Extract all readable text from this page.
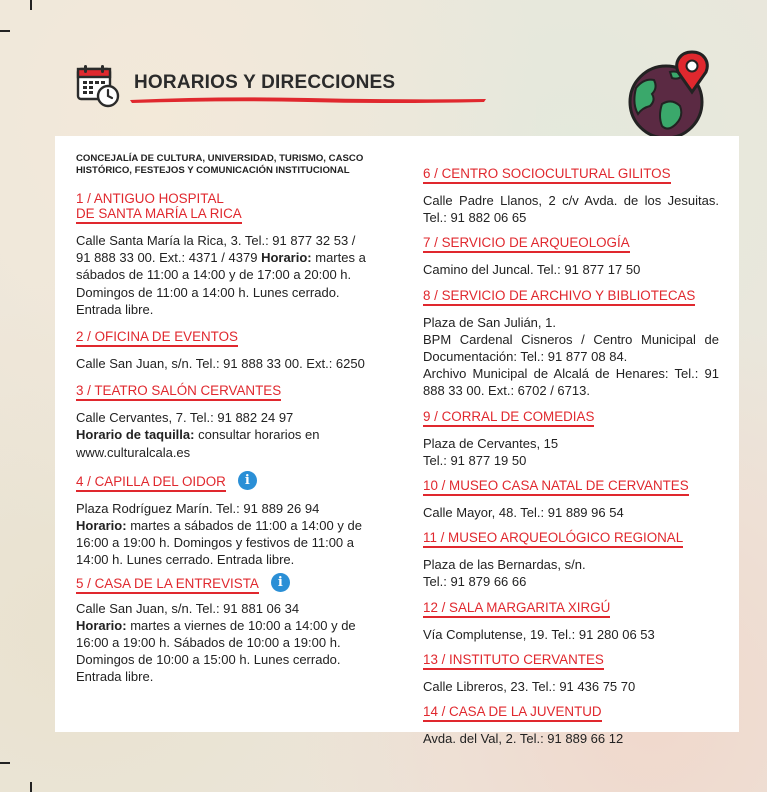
HORARIOS Y DIRECCIONES
CONCEJALÍA DE CULTURA, UNIVERSIDAD, TURISMO, CASCO HISTÓRICO, FESTEJOS Y COMUNICACIÓN INSTITUCIONAL
1 / ANTIGUO HOSPITAL
DE SANTA MARÍA LA RICA
Calle Santa María la Rica, 3. Tel.: 91 877 32 53 / 91 888 33 00. Ext.: 4371 / 4379 Horario: martes a sábados de 11:00 a 14:00 y de 17:00 a 20:00 h. Domingos de 11:00 a 14:00 h. Lunes cerrado. Entrada libre.
2 / OFICINA DE EVENTOS
Calle San Juan, s/n. Tel.: 91 888 33 00. Ext.: 6250
3 / TEATRO SALÓN CERVANTES
Calle Cervantes, 7. Tel.: 91 882 24 97
Horario de taquilla: consultar horarios en www.culturalcala.es
4 / CAPILLA DEL OIDOR i
Plaza Rodríguez Marín. Tel.: 91 889 26 94
Horario: martes a sábados de 11:00 a 14:00 y de 16:00 a 19:00 h. Domingos y festivos de 11:00 a 14:00 h. Lunes cerrado. Entrada libre.
5 / CASA DE LA ENTREVISTA i
Calle San Juan, s/n. Tel.: 91 881 06 34
Horario: martes a viernes de 10:00 a 14:00 y de 16:00 a 19:00 h. Sábados de 10:00 a 19:00 h. Domingos de 10:00 a 15:00 h. Lunes cerrado. Entrada libre.
6 / CENTRO SOCIOCULTURAL GILITOS
Calle Padre Llanos, 2 c/v Avda. de los Jesuitas. Tel.: 91 882 06 65
7 / SERVICIO DE ARQUEOLOGÍA
Camino del Juncal. Tel.: 91 877 17 50
8 / SERVICIO DE ARCHIVO Y BIBLIOTECAS
Plaza de San Julián, 1.
BPM Cardenal Cisneros / Centro Municipal de Documentación: Tel.: 91 877 08 84.
Archivo Municipal de Alcalá de Henares: Tel.: 91 888 33 00. Ext.: 6702 / 6713.
9 / CORRAL DE COMEDIAS
Plaza de Cervantes, 15
Tel.: 91 877 19 50
10 / MUSEO CASA NATAL DE CERVANTES
Calle Mayor, 48. Tel.: 91 889 96 54
11 / MUSEO ARQUEOLÓGICO REGIONAL
Plaza de las Bernardas, s/n.
Tel.: 91 879 66 66
12 / SALA MARGARITA XIRGÚ
Vía Complutense, 19. Tel.: 91 280 06 53
13 / INSTITUTO CERVANTES
Calle Libreros, 23. Tel.: 91 436 75 70
14 / CASA DE LA JUVENTUD
Avda. del Val, 2. Tel.: 91 889 66 12
